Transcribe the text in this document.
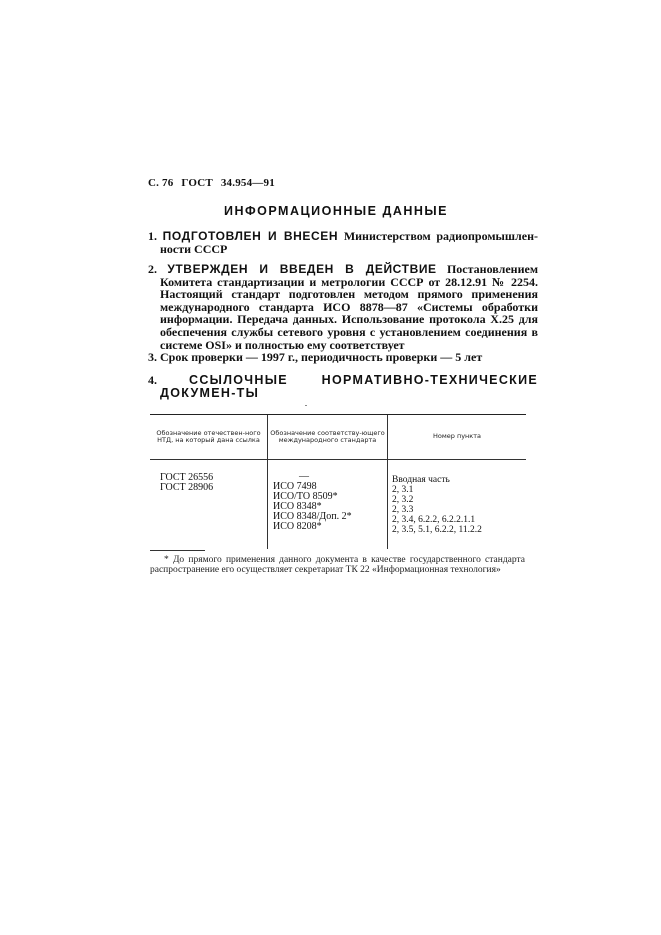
С. 76 ГОСТ 34.954—91
ИНФОРМАЦИОННЫЕ ДАННЫЕ
1. ПОДГОТОВЛЕН И ВНЕСЕН Министерством радиопромышлен-ности СССР
2. УТВЕРЖДЕН И ВВЕДЕН В ДЕЙСТВИЕ Постановлением Комитета стандартизации и метрологии СССР от 28.12.91 № 2254. Настоящий стандарт подготовлен методом прямого применения международного стандарта ИСО 8878—87 «Системы обработки информации. Передача данных. Использование протокола X.25 для обеспечения службы сетевого уровня с установлением соединения в системе OSI» и полностью ему соответствует
3. Срок проверки — 1997 г., периодичность проверки — 5 лет
4.	ССЫЛОЧНЫЕ НОРМАТИВНО-ТЕХНИЧЕСКИЕ ДОКУМЕН-ТЫ
Обозначение отечествен-ного НТД, на который дана ссылка
Обозначение соответству-ющего международного стандарта	Номер пункта
ГОСТ 26556
ГОСТ 28906
—
ИСО 7498
ИСО/ТО 8509*
ИСО 8348*
ИСО 8348/Доп. 2*
ИСО 8208*
Вводная часть
2, 3.1
2, 3.2
2, 3.3
2, 3.4, 6.2.2, 6.2.2.1.1
2, 3.5, 5.1, 6.2.2, 11.2.2
* До прямого применения данного документа в качестве государственного стандарта распространение его осуществляет секретариат ТК 22 «Информационная технология»
